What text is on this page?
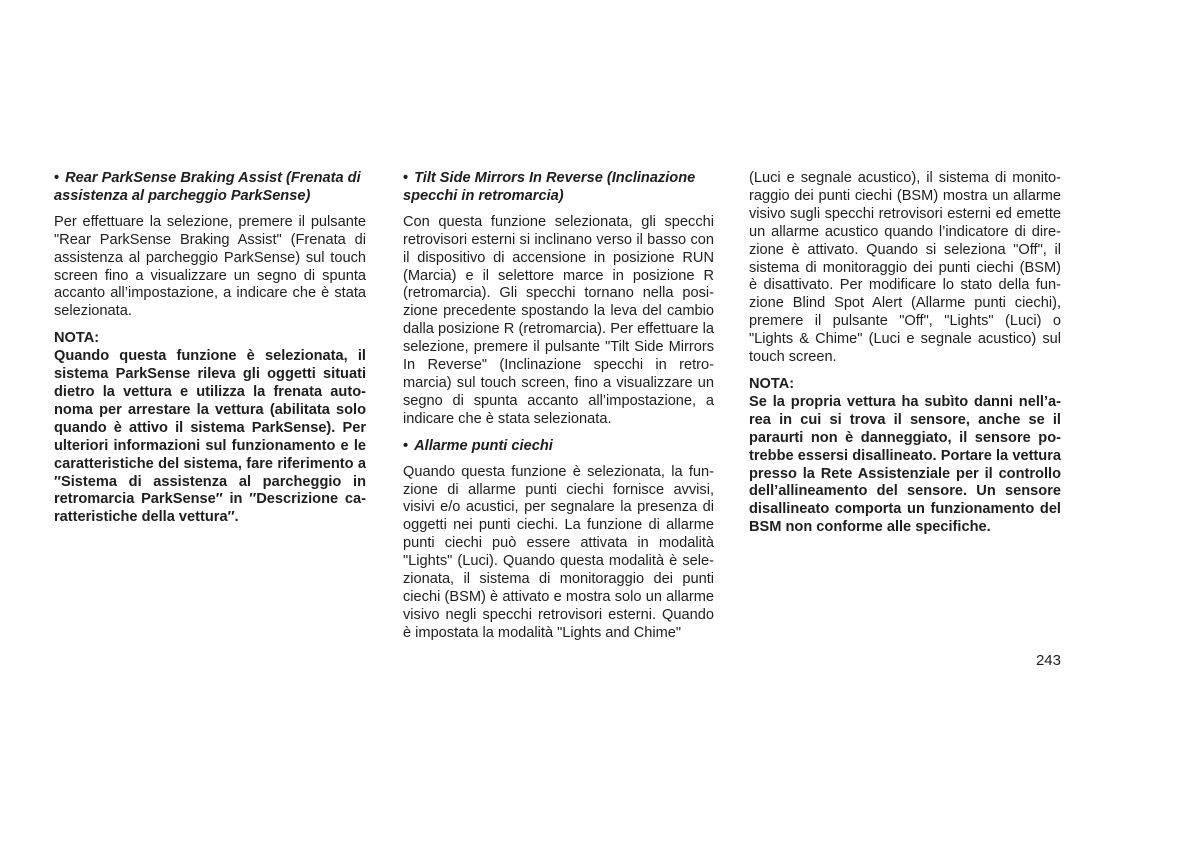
• Rear ParkSense Braking Assist (Frenata di assistenza al parcheggio ParkSense)

Per effettuare la selezione, premere il pulsante "Rear ParkSense Braking Assist" (Frenata di assistenza al parcheggio ParkSense) sul touch screen fino a visualizzare un segno di spunta accanto all’impostazione, a indicare che è stata selezionata.

NOTA:

Quando questa funzione è selezionata, il sistema ParkSense rileva gli oggetti situati dietro la vettura e utilizza la frenata autonoma per arrestare la vettura (abilitata solo quando è attivo il sistema ParkSense). Per ulteriori informazioni sul funzionamento e le caratteristiche del sistema, fare riferimento a ″Sistema di assistenza al parcheggio in retromarcia ParkSense″ in ″Descrizione caratteristiche della vettura″.

• Tilt Side Mirrors In Reverse (Inclinazione specchi in retromarcia)

Con questa funzione selezionata, gli specchi retrovisori esterni si inclinano verso il basso con il dispositivo di accensione in posizione RUN (Marcia) e il selettore marce in posizione R (retromarcia). Gli specchi tornano nella posizione precedente spostando la leva del cambio dalla posizione R (retromarcia). Per effettuare la selezione, premere il pulsante "Tilt Side Mirrors In Reverse" (Inclinazione specchi in retromarcia) sul touch screen, fino a visualizzare un segno di spunta accanto all’impostazione, a indicare che è stata selezionata.

• Allarme punti ciechi

Quando questa funzione è selezionata, la funzione di allarme punti ciechi fornisce avvisi, visivi e/o acustici, per segnalare la presenza di oggetti nei punti ciechi. La funzione di allarme punti ciechi può essere attivata in modalità "Lights" (Luci). Quando questa modalità è selezionata, il sistema di monitoraggio dei punti ciechi (BSM) è attivato e mostra solo un allarme visivo negli specchi retrovisori esterni. Quando è impostata la modalità "Lights and Chime"

(Luci e segnale acustico), il sistema di monitoraggio dei punti ciechi (BSM) mostra un allarme visivo sugli specchi retrovisori esterni ed emette un allarme acustico quando l’indicatore di direzione è attivato. Quando si seleziona "Off", il sistema di monitoraggio dei punti ciechi (BSM) è disattivato. Per modificare lo stato della funzione Blind Spot Alert (Allarme punti ciechi), premere il pulsante "Off", "Lights" (Luci) o "Lights & Chime" (Luci e segnale acustico) sul touch screen.

NOTA:

Se la propria vettura ha subìto danni nell’area in cui si trova il sensore, anche se il paraurti non è danneggiato, il sensore potrebbe essersi disallineato. Portare la vettura presso la Rete Assistenziale per il controllo dell’allineamento del sensore. Un sensore disallineato comporta un funzionamento del BSM non conforme alle specifiche.

243
